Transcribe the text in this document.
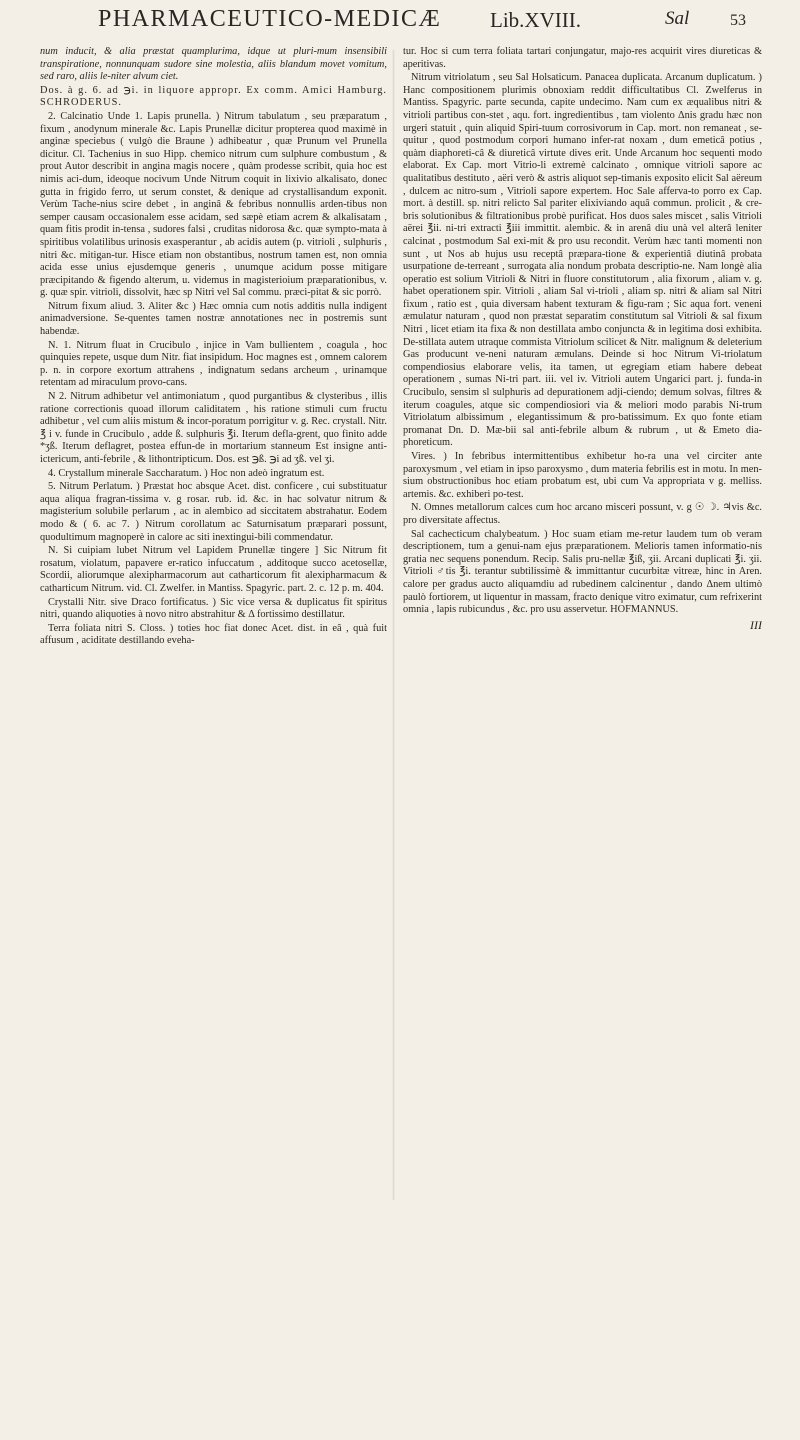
PHARMACEUTICO-MEDICÆ Lib.XVIII.	Sal	53

num inducit, & alia præstat quamplurima, idque ut pluri-mum insensibili transpiratione, nonnunquam sudore sine molestia, aliis blandum movet vomitum, sed raro, aliis le-niter alvum ciet.

Dos. à g. 6. ad ℈i. in liquore appropr. Ex comm. Amici Hamburg. SCHRODERUS.

2. Calcinatio Unde 1. Lapis prunella. ) Nitrum tabulatum , seu præparatum , fixum , anodynum minerale &c. Lapis Prunellæ dicitur propterea quod maximè in anginæ speciebus ( vulgò die Braune ) adhibeatur , quæ Prunum vel Prunella dicitur. Cl. Tachenius in suo Hipp. chemico nitrum cum sulphure combustum , & prout Autor describit in angina magis nocere , quàm prodesse scribit, quia hoc est nimis aci-dum, ideoque nocivum Unde Nitrum coquit in lixivio alkalisato, donec gutta in frigido ferro, ut serum constet, & denique ad crystallisandum exponit. Verùm Tache-nius scire debet , in anginâ & febribus nonnullis arden-tibus non semper causam occasionalem esse acidam, sed sæpè etiam acrem & alkalisatam , quam fitis prodit in-tensa , sudores falsi , cruditas nidorosa &c. quæ sympto-mata à spiritibus volatilibus urinosis exasperantur , ab acidis autem (p. vitrioli , sulphuris , nitri &c. mitigan-tur. Hisce etiam non obstantibus, nostrum tamen est, non omnia acida esse unius ejusdemque generis , unumque acidum posse mitigare præcipitando & figendo alterum, u. videmus in magisterioium præparationibus, v. g. quæ spir. vitrioli, dissolvit, hæc sp Nitri vel Sal commu. præci-pitat & sic porrò.

Nitrum fixum aliud. 3. Aliter &c ) Hæc omnia cum notis additis nulla indigent animadversione. Se-quentes tamen nostræ annotationes nec in postremis sunt habendæ.

N. 1. Nitrum fluat in Crucibulo , injice in Vam bullientem , coagula , hoc quinquies repete, usque dum Nitr. fiat insipidum. Hoc magnes est , omnem calorem p. n. in corpore exortum attrahens , indignatum sedans archeum , urinamque retentam ad miraculum provo-cans.

N 2. Nitrum adhibetur vel antimoniatum , quod purgantibus & clysteribus , illis ratione correctionis quoad illorum caliditatem , his ratione stimuli cum fructu adhibetur , vel cum aliis mistum & incor-poratum porrigitur v. g. Rec. crystall. Nitr. ℥ i v. funde in Crucibulo , adde ß. sulphuris ℥i. Iterum defla-grent, quo finito adde *ʒß. Iterum deflagret, postea effun-de in mortarium stanneum Est insigne anti-ictericum, anti-febrile , & lithontripticum. Dos. est ℈ß. ℈i ad ʒß. vel ʒi.

4. Crystallum minerale Saccharatum. ) Hoc non adeò ingratum est.

5. Nitrum Perlatum. ) Præstat hoc absque Acet. dist. conficere , cui substituatur aqua aliqua fragran-tissima v. g rosar. rub. id. &c. in hac solvatur nitrum & magisterium solubile perlarum , ac in alembico ad siccitatem abstrahatur. Eodem modo & ( 6. ac 7. ) Nitrum corollatum ac Saturnisatum præparari possunt, quodultimum magnoperè in calore ac siti inextingui-bili commendatur.

N. Si cuipiam lubet Nitrum vel Lapidem Prunellæ tingere ] Sic Nitrum fit rosatum, violatum, papavere er-ratico infuccatum , additoque succo acetosellæ, Scordii, aliorumque alexipharmacorum aut catharticorum fit alexipharmacum & catharticum Nitrum. vid. Cl. Zwelfer. in Mantiss. Spagyric. part. 2. c. 12 p. m. 404.

Crystalli Nitr. sive Draco fortificatus. ) Sic vice versa & duplicatus fit spiritus nitri, quando aliquoties à novo nitro abstrahitur & Δ fortissimo destillatur.

Terra foliata nitri S. Closs. ) toties hoc fiat donec Acet. dist. in eâ , quà fuit affusum , aciditate destillando eveha-

tur. Hoc si cum terra foliata tartari conjungatur, majo-res acquirit vires diureticas & aperitivas.

Nitrum vitriolatum , seu Sal Holsaticum. Panacea duplicata. Arcanum duplicatum. ) Hanc compositionem plurimis obnoxiam reddit difficultatibus Cl. Zwelferus in Mantiss. Spagyric. parte secunda, capite undecimo. Nam cum ex æqualibus nitri & vitrioli partibus con-stet , aqu. fort. ingredientibus , tam violento Δnis gradu hæc non urgeri statuit , quin aliquid Spiri-tuum corrosivorum in Cap. mort. non remaneat , se-quitur , quod postmodum corpori humano infer-rat noxam , dum emeticâ potius , quàm diaphoreti-câ & diureticâ virtute dives erit. Unde Arcanum hoc sequenti modo elaborat. Ex Cap. mort Vitrio-li extremè calcinato , omnique vitrioli sapore ac qualitatibus destituto , aëri verò & astris aliquot sep-timanis exposito elicit Sal aëreum , dulcem ac nitro-sum , Vitrioli sapore expertem. Hoc Sale afferva-to porro ex Cap. mort. à destill. sp. nitri relicto Sal pariter elixiviando aquâ commun. prolicit , & cre-bris solutionibus & filtrationibus probè purificat. Hos duos sales miscet , salis Vitrioli aërei ℥ii. ni-tri extracti ℥iii immittit. alembic. & in arenâ diu unà vel alterâ leniter calcinat , postmodum Sal exi-mit & pro usu recondit. Verùm hæc tanti momenti non sunt , ut Nos ab hujus usu receptâ præpara-tione & experientiâ diutinâ probata usurpatione de-terreant , surrogata alia nondum probata descriptio-ne. Nam longè alia operatio est solium Vitrioli & Nitri in fluore constitutorum , alia fixorum , aliam v. g. habet operationem spir. Vitrioli , aliam Sal vi-trioli , aliam sp. nitri & aliam sal Nitri fixum , ratio est , quia diversam habent texturam & figu-ram ; Sic aqua fort. veneni æmulatur naturam , quod non præstat separatim constitutum sal Vitrioli & sal fixum Nitri , licet etiam ita fixa & non destillata ambo conjuncta & in legitima dosi exhibita. De-stillata autem utraque commista Vitriolum scilicet & Nitr. malignum & deleterium Gas producunt ve-neni naturam æmulans. Deinde si hoc Nitrum Vi-triolatum compendiosius elaborare velis, ita tamen, ut egregiam etiam habere debeat operationem , sumas Ni-tri part. iii. vel iv. Vitrioli autem Ungarici part. j. funda-in Crucibulo, sensim sl sulphuris ad depurationem adji-ciendo; demum solvas, filtres & iterum coagules, atque sic compendiosiori via & meliori modo parabis Ni-trum Vitriolatum albissimum , elegantissimum & pro-batissimum. Ex quo fonte etiam promanat Dn. D. Mæ-bii sal anti-febrile album & rubrum , ut & Emeto dia-phoreticum.

Vires. ) In febribus intermittentibus exhibetur ho-ra una vel circiter ante paroxysmum , vel etiam in ipso paroxysmo , dum materia febrilis est in motu. In men-sium obstructionibus hoc etiam probatum est, ubi cum Va appropriata v g. melliss. artemis. &c. exhiberi po-test.

N. Omnes metallorum calces cum hoc arcano misceri possunt, v. g ☉ ☽. ♃vis &c. pro diversitate affectus.

Sal cachecticum chalybeatum. ) Hoc suam etiam me-retur laudem tum ob veram descriptionem, tum a genui-nam ejus præparationem. Melioris tamen informatio-nis gratia nec sequens ponendum. Recip. Salis pru-nellæ ℥iß, ʒii. Arcani duplicati ℥i. ʒii. Vitrioli ♂tis ℥i. terantur subtilissimè & immittantur cucurbitæ vitreæ, hinc in Aren. calore per gradus aucto aliquamdiu ad rubedinem calcinentur , dando Δnem ultimò paulò fortiorem, ut liquentur in massam, fracto denique vitro eximatur, cum refrixerint omnia , lapis rubicundus , &c. pro usu asservetur. HOFMANNUS.

III
